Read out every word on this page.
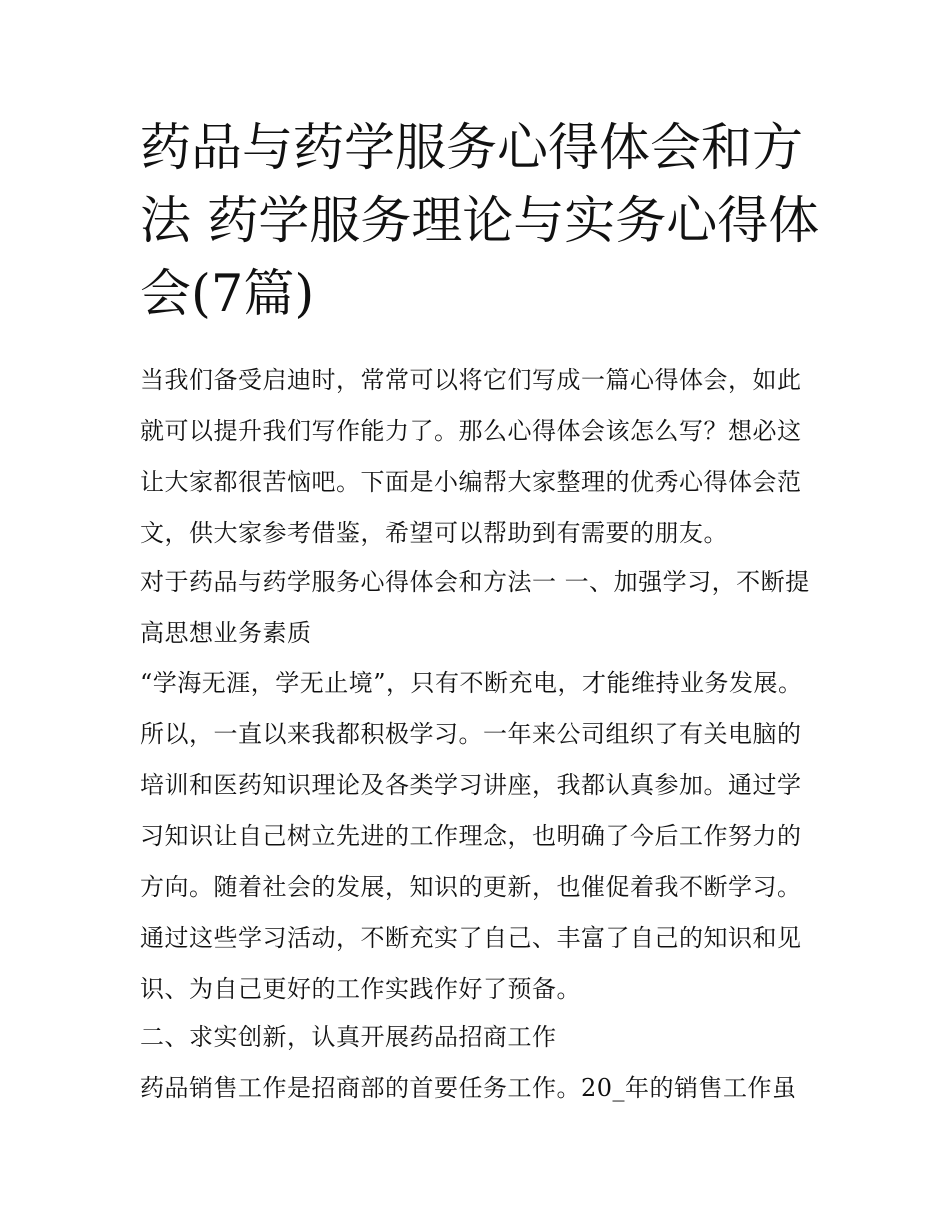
药品与药学服务心得体会和方法 药学服务理论与实务心得体会(7篇)

当我们备受启迪时，常常可以将它们写成一篇心得体会，如此就可以提升我们写作能力了。那么心得体会该怎么写？想必这让大家都很苦恼吧。下面是小编帮大家整理的优秀心得体会范文，供大家参考借鉴，希望可以帮助到有需要的朋友。

对于药品与药学服务心得体会和方法一 一、加强学习，不断提高思想业务素质

“学海无涯，学无止境”，只有不断充电，才能维持业务发展。所以，一直以来我都积极学习。一年来公司组织了有关电脑的培训和医药知识理论及各类学习讲座，我都认真参加。通过学习知识让自己树立先进的工作理念，也明确了今后工作努力的方向。随着社会的发展，知识的更新，也催促着我不断学习。通过这些学习活动，不断充实了自己、丰富了自己的知识和见识、为自己更好的工作实践作好了预备。

二、求实创新，认真开展药品招商工作

药品销售工作是招商部的首要任务工作。20_年的销售工作虽
